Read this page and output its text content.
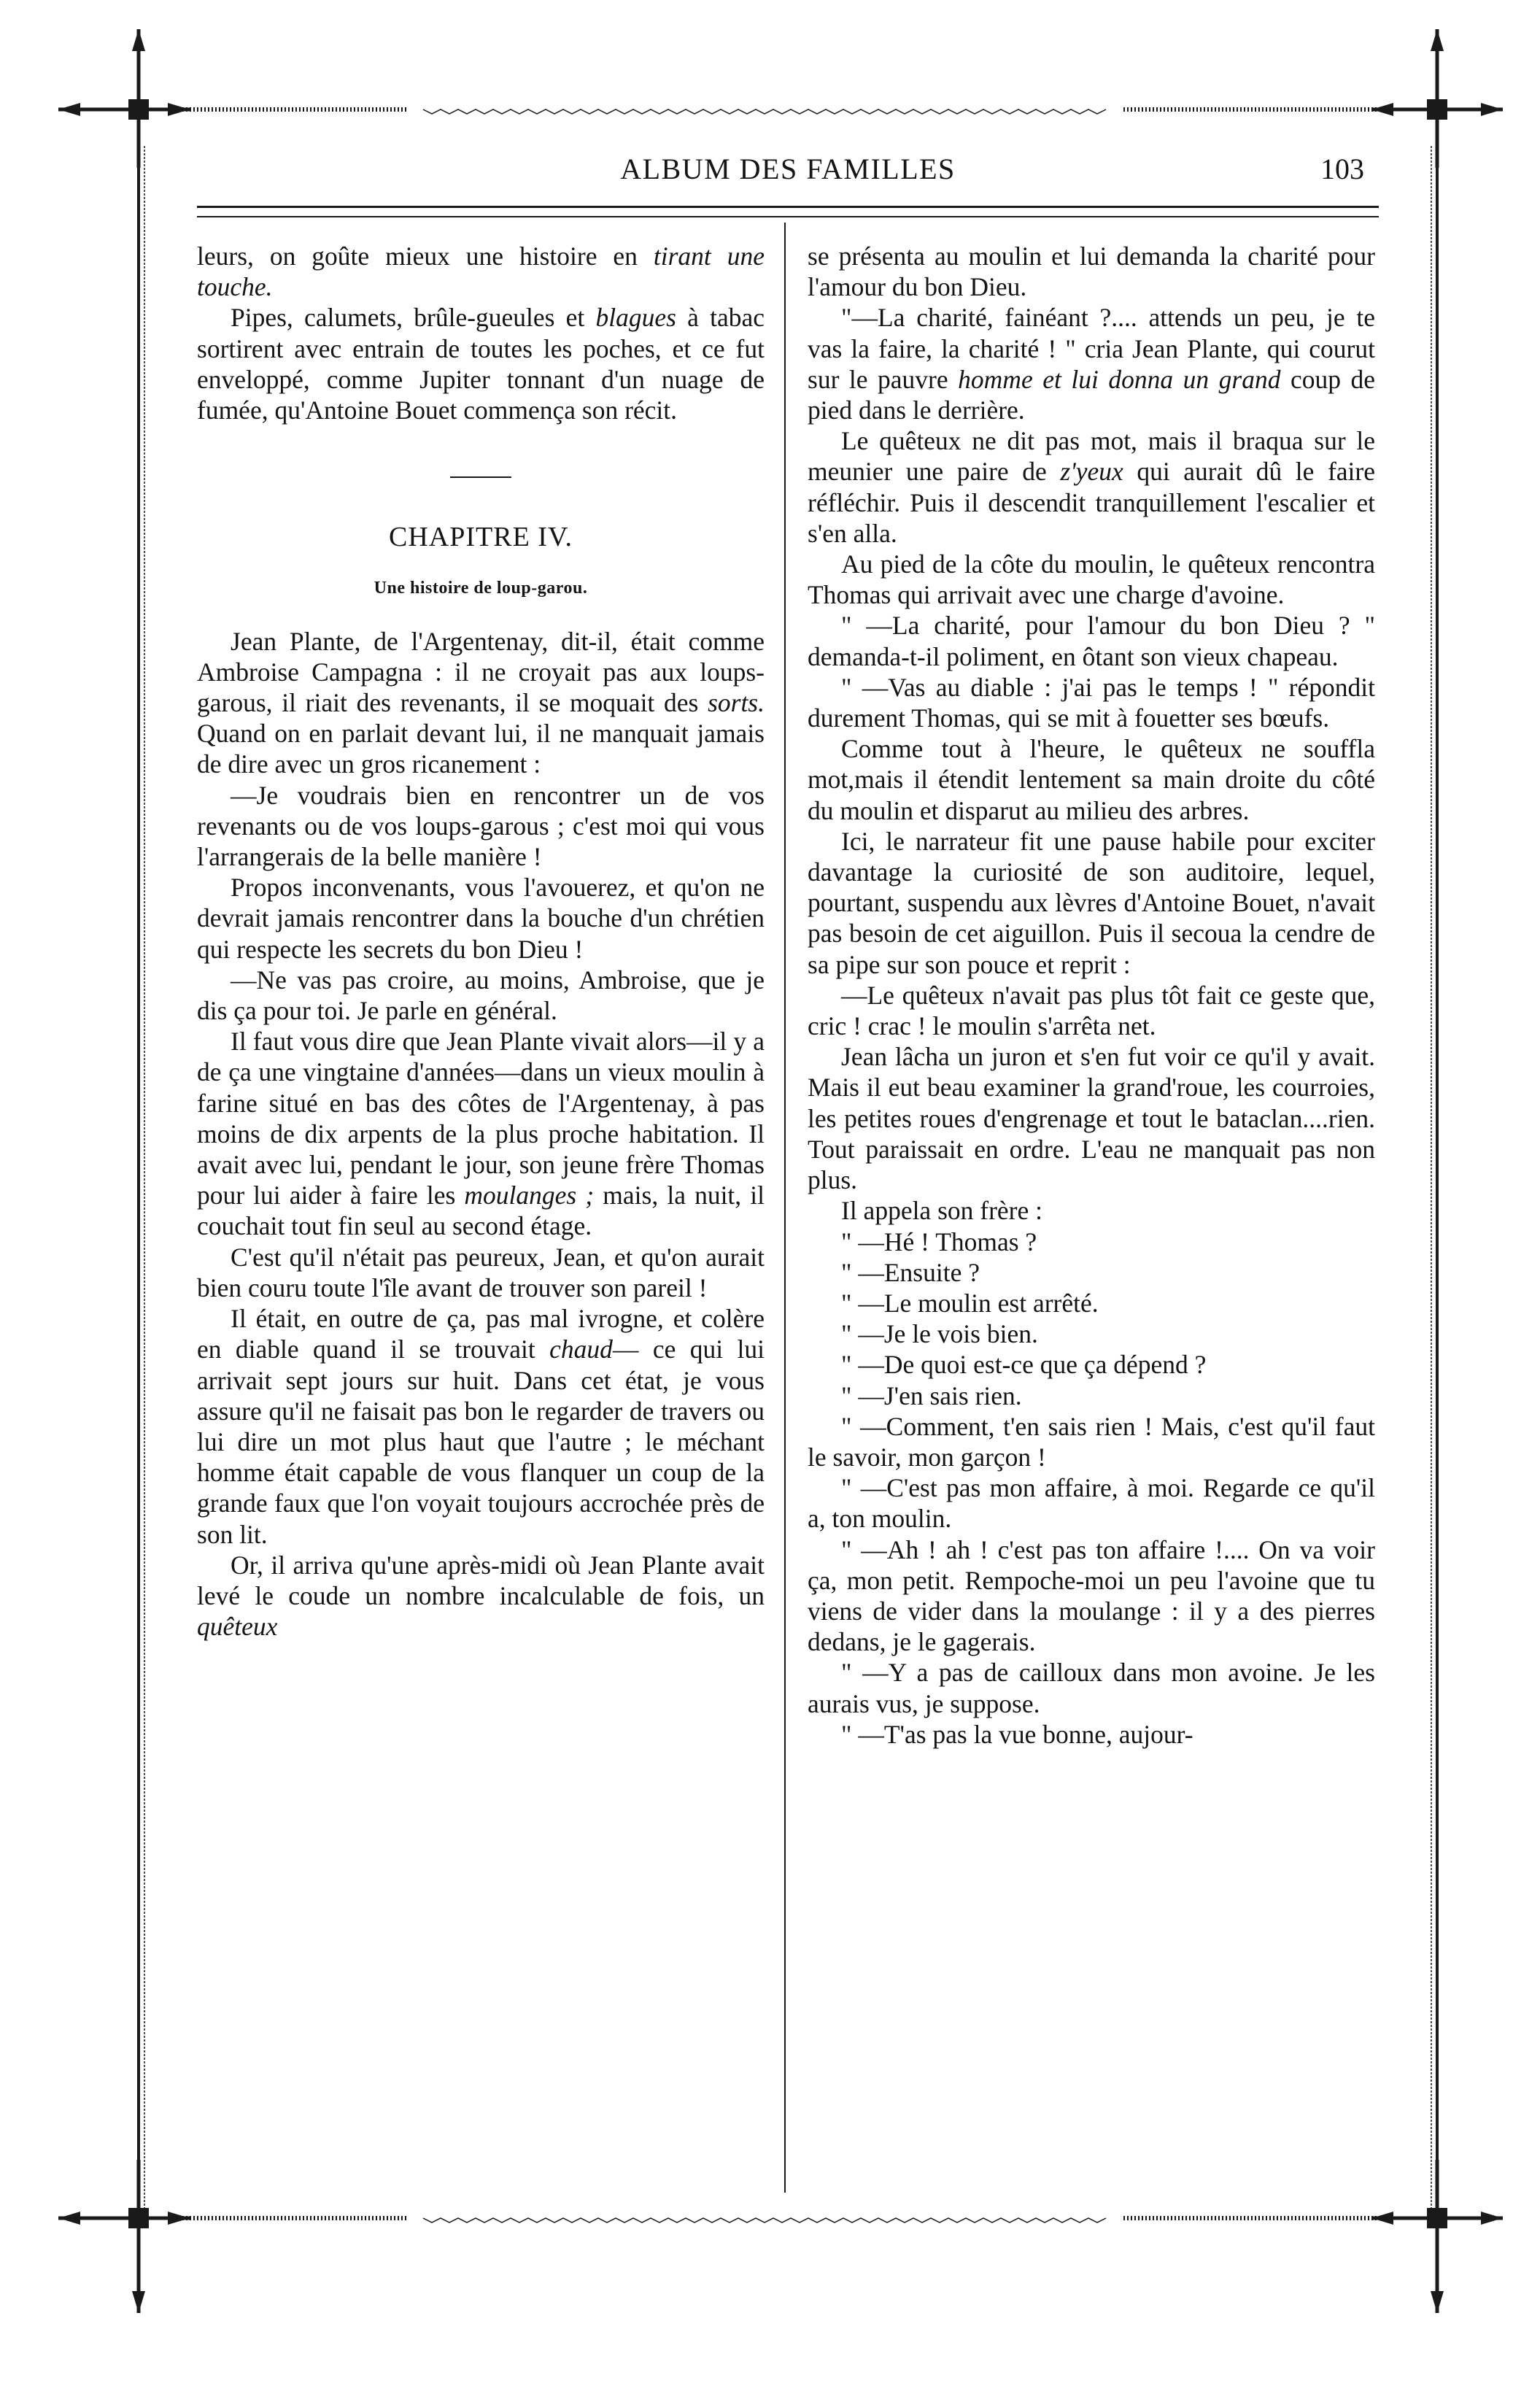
ALBUM DES FAMILLES	103

leurs, on goûte mieux une histoire en tirant une touche.

Pipes, calumets, brûle-gueules et blagues à tabac sortirent avec entrain de toutes les poches, et ce fut enveloppé, comme Jupiter tonnant d'un nuage de fumée, qu'Antoine Bouet commença son récit.

CHAPITRE IV.
Une histoire de loup-garou.

Jean Plante, de l'Argentenay, dit-il, était comme Ambroise Campagna : il ne croyait pas aux loups-garous, il riait des revenants, il se moquait des sorts. Quand on en parlait devant lui, il ne manquait jamais de dire avec un gros ricanement :

—Je voudrais bien en rencontrer un de vos revenants ou de vos loups-garous ; c'est moi qui vous l'arrangerais de la belle manière !

Propos inconvenants, vous l'avouerez, et qu'on ne devrait jamais rencontrer dans la bouche d'un chrétien qui respecte les secrets du bon Dieu !

—Ne vas pas croire, au moins, Ambroise, que je dis ça pour toi. Je parle en général.

Il faut vous dire que Jean Plante vivait alors—il y a de ça une vingtaine d'années—dans un vieux moulin à farine situé en bas des côtes de l'Argentenay, à pas moins de dix arpents de la plus proche habitation. Il avait avec lui, pendant le jour, son jeune frère Thomas pour lui aider à faire les moulanges ; mais, la nuit, il couchait tout fin seul au second étage.

C'est qu'il n'était pas peureux, Jean, et qu'on aurait bien couru toute l'île avant de trouver son pareil !

Il était, en outre de ça, pas mal ivrogne, et colère en diable quand il se trouvait chaud— ce qui lui arrivait sept jours sur huit. Dans cet état, je vous assure qu'il ne faisait pas bon le regarder de travers ou lui dire un mot plus haut que l'autre ; le méchant homme était capable de vous flanquer un coup de la grande faux que l'on voyait toujours accrochée près de son lit.

Or, il arriva qu'une après-midi où Jean Plante avait levé le coude un nombre incalculable de fois, un quêteux

se présenta au moulin et lui demanda la charité pour l'amour du bon Dieu.

"—La charité, fainéant ?.... attends un peu, je te vas la faire, la charité ! " cria Jean Plante, qui courut sur le pauvre homme et lui donna un grand coup de pied dans le derrière.

Le quêteux ne dit pas mot, mais il braqua sur le meunier une paire de z'yeux qui aurait dû le faire réfléchir. Puis il descendit tranquillement l'escalier et s'en alla.

Au pied de la côte du moulin, le quêteux rencontra Thomas qui arrivait avec une charge d'avoine.

" —La charité, pour l'amour du bon Dieu ? " demanda-t-il poliment, en ôtant son vieux chapeau.

" —Vas au diable : j'ai pas le temps ! " répondit durement Thomas, qui se mit à fouetter ses bœufs.

Comme tout à l'heure, le quêteux ne souffla mot,mais il étendit lentement sa main droite du côté du moulin et disparut au milieu des arbres.

Ici, le narrateur fit une pause habile pour exciter davantage la curiosité de son auditoire, lequel, pourtant, suspendu aux lèvres d'Antoine Bouet, n'avait pas besoin de cet aiguillon. Puis il secoua la cendre de sa pipe sur son pouce et reprit :

—Le quêteux n'avait pas plus tôt fait ce geste que, cric ! crac ! le moulin s'arrêta net.

Jean lâcha un juron et s'en fut voir ce qu'il y avait. Mais il eut beau examiner la grand'roue, les courroies, les petites roues d'engrenage et tout le bataclan....rien. Tout paraissait en ordre. L'eau ne manquait pas non plus.

Il appela son frère :

" —Hé ! Thomas ?

" —Ensuite ?

" —Le moulin est arrêté.

" —Je le vois bien.

" —De quoi est-ce que ça dépend ?

" —J'en sais rien.

" —Comment, t'en sais rien ! Mais, c'est qu'il faut le savoir, mon garçon !

" —C'est pas mon affaire, à moi. Regarde ce qu'il a, ton moulin.

" —Ah ! ah ! c'est pas ton affaire !.... On va voir ça, mon petit. Rempoche-moi un peu l'avoine que tu viens de vider dans la moulange : il y a des pierres dedans, je le gagerais.

" —Y a pas de cailloux dans mon avoine. Je les aurais vus, je suppose.

" —T'as pas la vue bonne, aujour-
